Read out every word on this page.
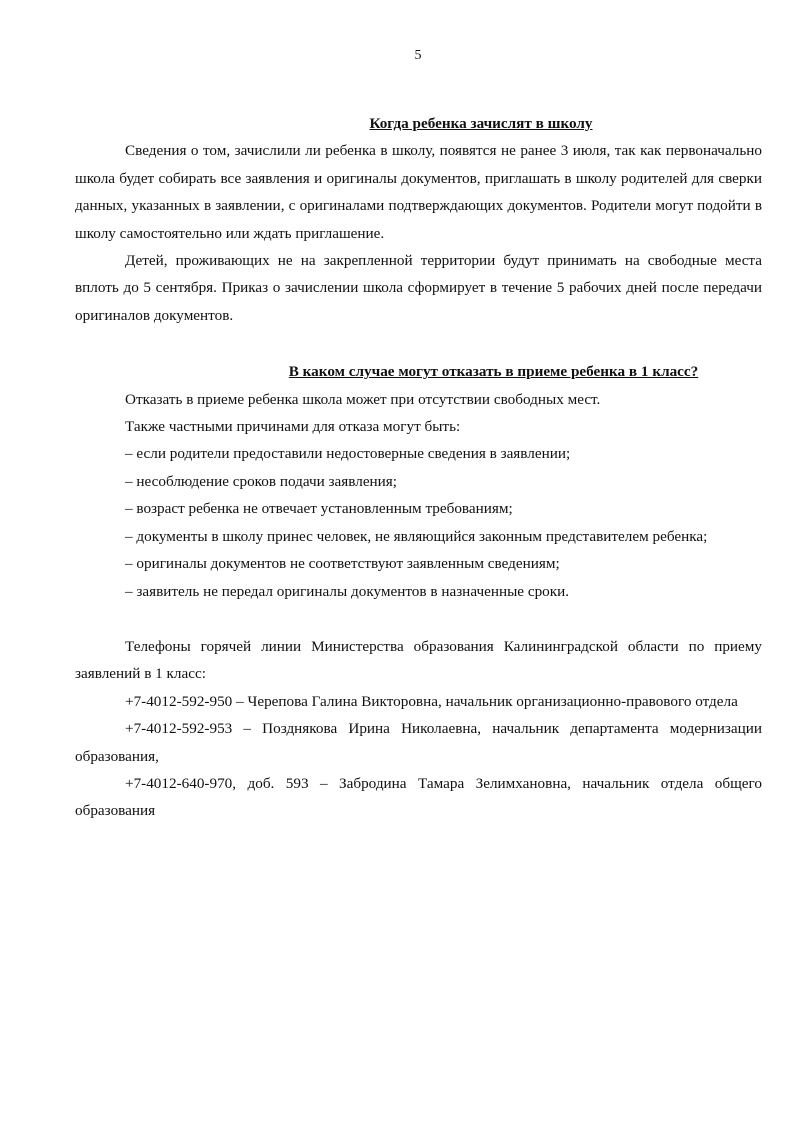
5

Когда ребенка зачислят в школу

Сведения о том, зачислили ли ребенка в школу, появятся не ранее 3 июля, так как первоначально школа будет собирать все заявления и оригиналы документов, приглашать в школу родителей для сверки данных, указанных в заявлении, с оригиналами подтверждающих документов. Родители могут подойти в школу самостоятельно или ждать приглашение.

Детей, проживающих не на закрепленной территории будут принимать на свободные места вплоть до 5 сентября. Приказ о зачислении школа сформирует в течение 5 рабочих дней после передачи оригиналов документов.

В каком случае могут отказать в приеме ребенка в 1 класс?

Отказать в приеме ребенка школа может при отсутствии свободных мест.

Также частными причинами для отказа могут быть:

– если родители предоставили недостоверные сведения в заявлении;

– несоблюдение сроков подачи заявления;

– возраст ребенка не отвечает установленным требованиям;

– документы в школу принес человек, не являющийся законным представителем ребенка;

– оригиналы документов не соответствуют заявленным сведениям;

– заявитель не передал оригиналы документов в назначенные сроки.

Телефоны горячей линии Министерства образования Калининградской области по приему заявлений в 1 класс:

+7-4012-592-950 – Черепова Галина Викторовна, начальник организационно-правового отдела

+7-4012-592-953 – Позднякова Ирина Николаевна, начальник департамента модернизации образования,

+7-4012-640-970, доб. 593 – Забродина Тамара Зелимхановна, начальник отдела общего образования
